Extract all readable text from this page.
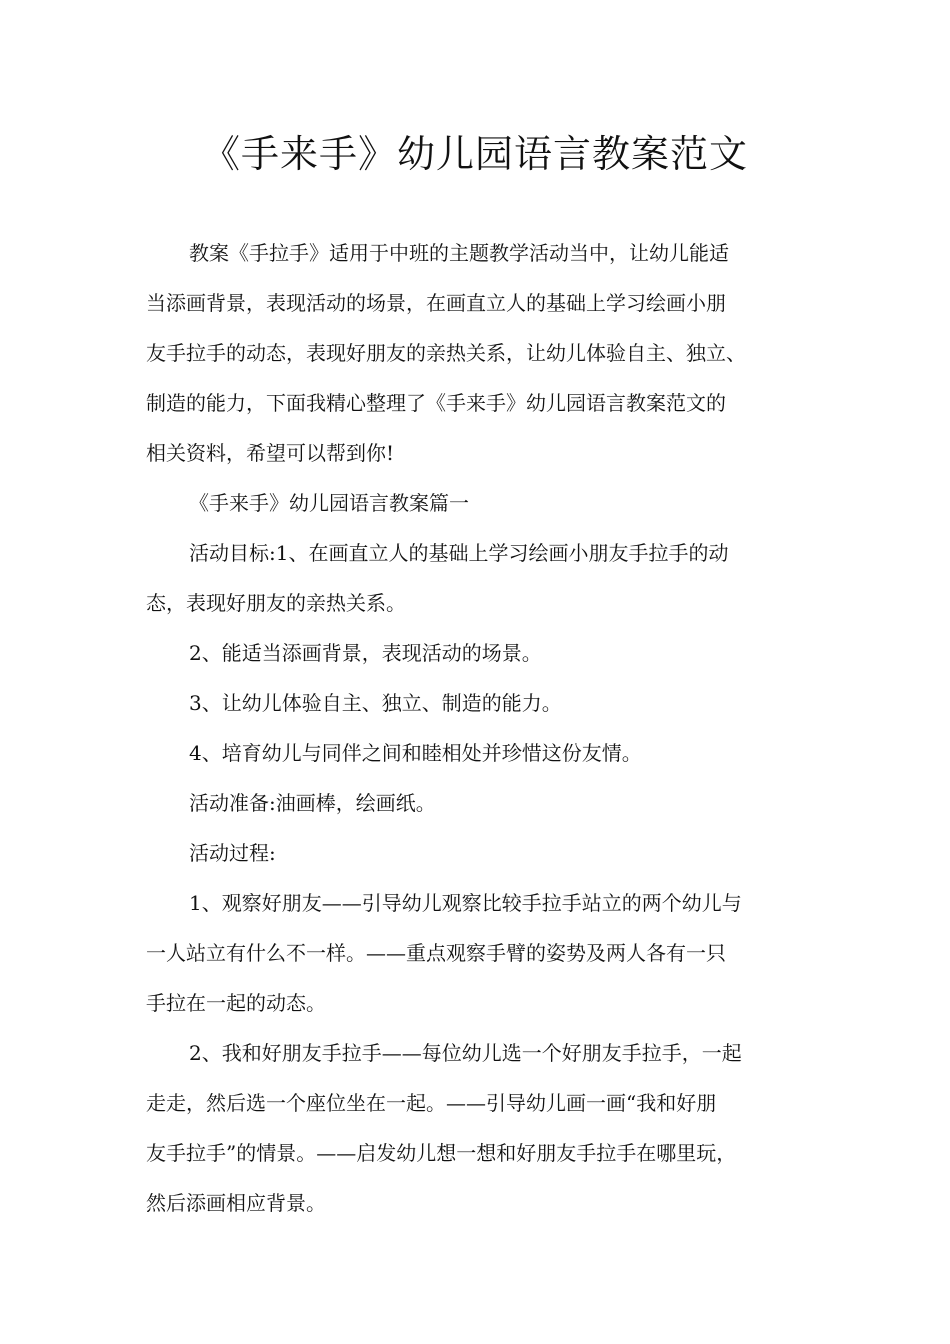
《手来手》幼儿园语言教案范文

教案《手拉手》适用于中班的主题教学活动当中，让幼儿能适

当添画背景，表现活动的场景，在画直立人的基础上学习绘画小朋

友手拉手的动态，表现好朋友的亲热关系，让幼儿体验自主、独立、

制造的能力，下面我精心整理了《手来手》幼儿园语言教案范文的

相关资料，希望可以帮到你!

《手来手》幼儿园语言教案篇一

活动目标:1、在画直立人的基础上学习绘画小朋友手拉手的动

态，表现好朋友的亲热关系。

2、能适当添画背景，表现活动的场景。

3、让幼儿体验自主、独立、制造的能力。

4、培育幼儿与同伴之间和睦相处并珍惜这份友情。

活动准备:油画棒，绘画纸。

活动过程:

1、观察好朋友——引导幼儿观察比较手拉手站立的两个幼儿与

一人站立有什么不一样。——重点观察手臂的姿势及两人各有一只

手拉在一起的动态。

2、我和好朋友手拉手——每位幼儿选一个好朋友手拉手，一起

走走，然后选一个座位坐在一起。——引导幼儿画一画“我和好朋

友手拉手”的情景。——启发幼儿想一想和好朋友手拉手在哪里玩，

然后添画相应背景。
